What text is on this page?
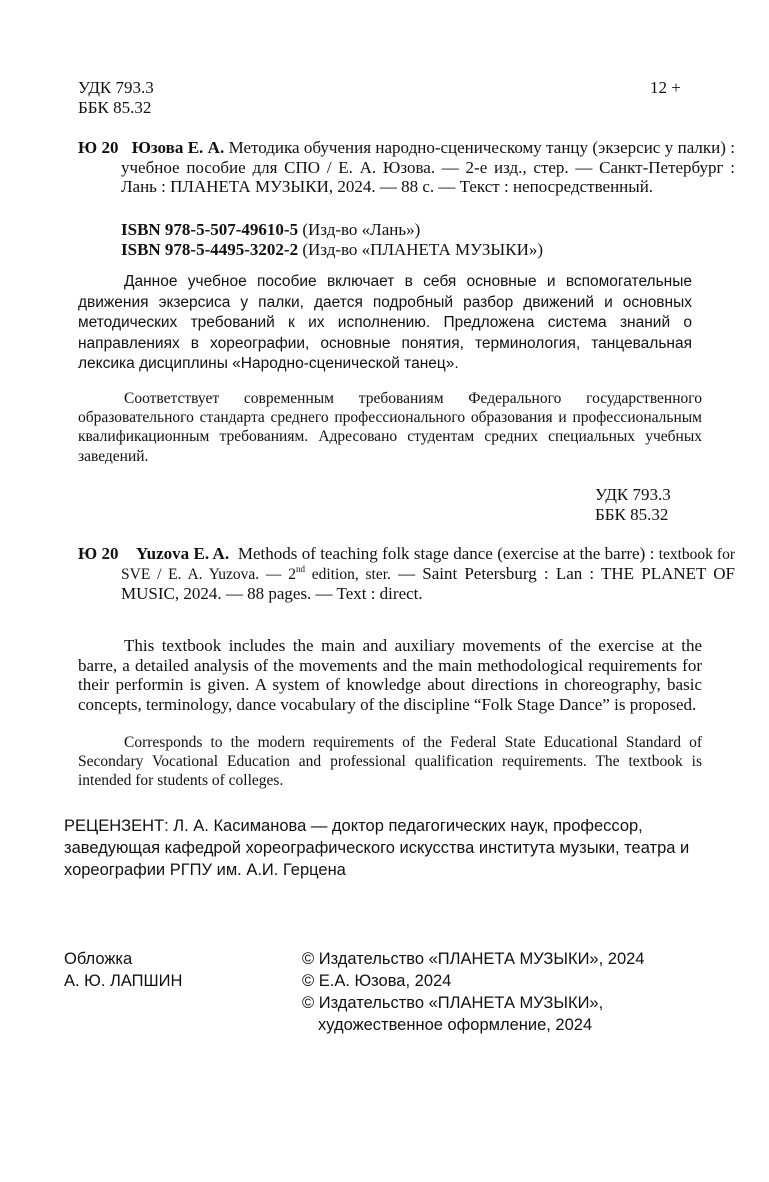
УДК 793.3
ББК 85.32
12 +
Ю 20 Юзова Е. А. Методика обучения народно-сценическому танцу (экзерсис у палки) : учебное пособие для СПО / Е. А. Юзова. — 2-е изд., стер. — Санкт-Петербург : Лань : ПЛАНЕТА МУЗЫКИ, 2024. — 88 с. — Текст : непосредственный.
ISBN 978-5-507-49610-5 (Изд-во «Лань»)
ISBN 978-5-4495-3202-2 (Изд-во «ПЛАНЕТА МУЗЫКИ»)

Данное учебное пособие включает в себя основные и вспомогательные движения экзерсиса у палки, дается подробный разбор движений и основных методических требований к их исполнению. Предложена система знаний о направлениях в хореографии, основные понятия, терминология, танцевальная лексика дисциплины «Народно-сценической танец».

Соответствует современным требованиям Федерального государственного образовательного стандарта среднего профессионального образования и профессиональным квалификационным требованиям. Адресовано студентам средних специальных учебных заведений.

УДК 793.3
ББК 85.32
Ю 20 Yuzova E. A. Methods of teaching folk stage dance (exercise at the barre) : textbook for SVE / E. A. Yuzova. — 2nd edition, ster. — Saint Petersburg : Lan : THE PLANET OF MUSIC, 2024. — 88 pages. — Text : direct.

This textbook includes the main and auxiliary movements of the exercise at the barre, a detailed analysis of the movements and the main methodological requirements for their performin is given. A system of knowledge about directions in choreography, basic concepts, terminology, dance vocabulary of the discipline “Folk Stage Dance” is proposed.

Corresponds to the modern requirements of the Federal State Educational Standard of Secondary Vocational Education and professional qualification requirements. The textbook is intended for students of colleges.

РЕЦЕНЗЕНТ: Л. А. Касиманова — доктор педагогических наук, профессор, заведующая кафедрой хореографического искусства института музыки, театра и хореографии РГПУ им. А.И. Герцена

Обложка
А. Ю. ЛАПШИН
© Издательство «ПЛАНЕТА МУЗЫКИ», 2024
© Е.А. Юзова, 2024
© Издательство «ПЛАНЕТА МУЗЫКИ»,
художественное оформление, 2024
